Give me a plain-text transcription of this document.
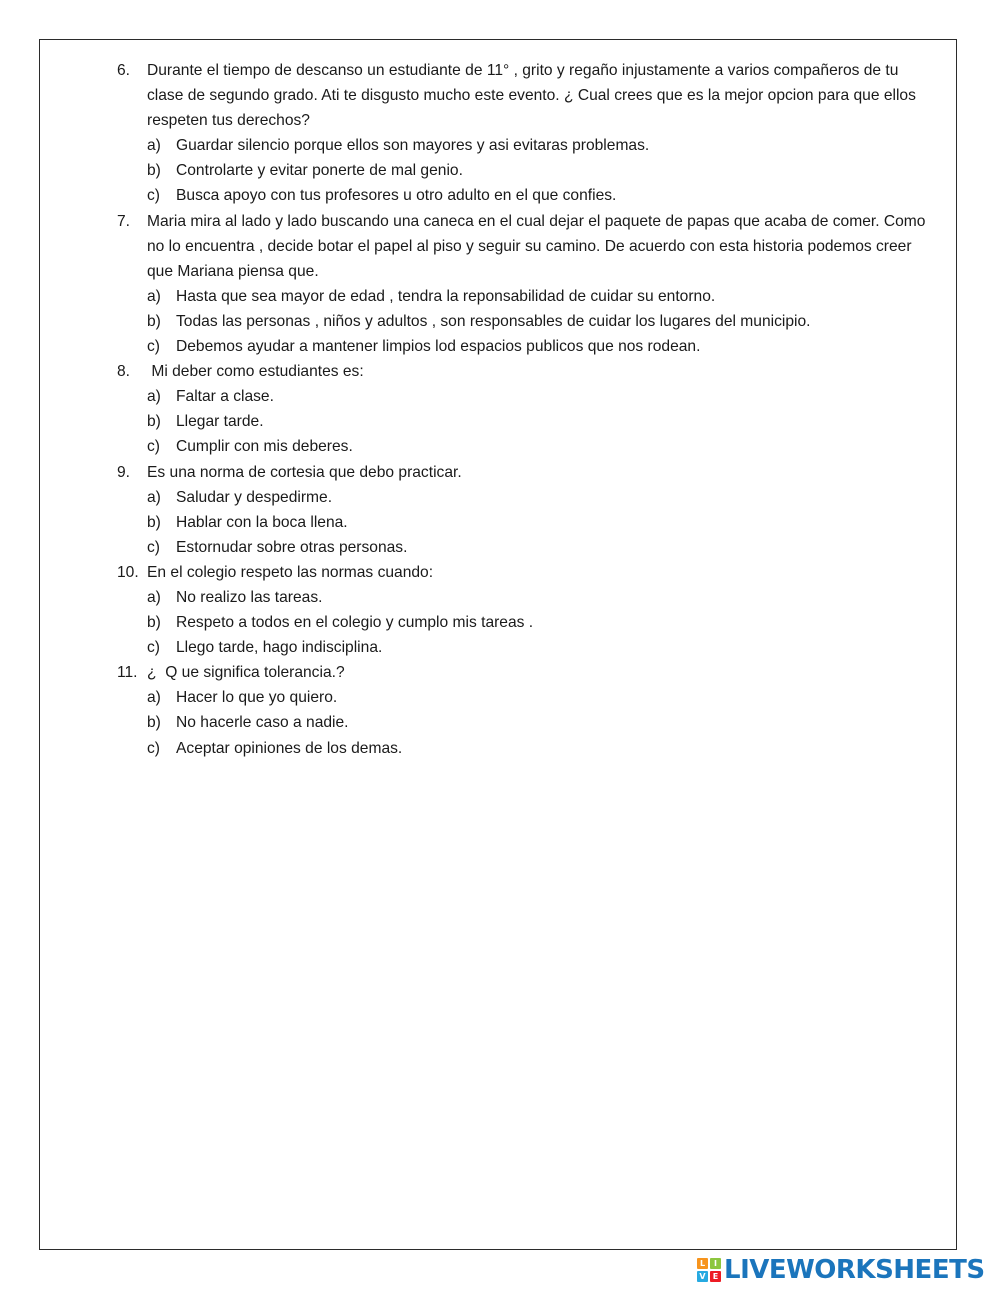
6.	Durante el tiempo de descanso un estudiante de 11° , grito y regaño injustamente a varios compañeros de tu clase de segundo grado. Ati te disgusto mucho este evento. ¿ Cual crees que es la mejor opcion para que ellos respeten tus derechos?
a) Guardar silencio porque ellos son mayores y asi evitaras problemas.
b) Controlarte y evitar ponerte de mal genio.
c)	Busca apoyo con tus profesores u otro adulto en el que confies.
7.	Maria mira al lado y lado buscando una caneca en el cual dejar el paquete de papas que acaba de comer. Como no lo encuentra , decide botar el papel al piso y seguir su camino. De acuerdo con esta historia podemos creer que Mariana piensa que.
a) Hasta que sea mayor de edad , tendra la reponsabilidad de cuidar su entorno.
b) Todas las personas , niños y adultos , son responsables de cuidar los lugares del municipio.
c)	Debemos ayudar a mantener limpios lod espacios publicos que nos rodean.
8.	Mi deber como estudiantes es:
a) Faltar a clase.
b) Llegar tarde.
c)	Cumplir con mis deberes.
9.	Es una norma de cortesia que debo practicar.
a) Saludar y despedirme.
b) Hablar con la boca llena.
c)	Estornudar sobre otras personas.
10. En el colegio respeto las normas cuando:
a) No realizo las tareas.
b) Respeto a todos en el colegio y cumplo mis tareas .
c)	Llego tarde, hago indisciplina.
11. ¿  Q ue significa tolerancia.?
a) Hacer lo que yo quiero.
b) No hacerle caso a nadie.
c)	Aceptar opiniones de los demas.
L	I
V E LIVEWORKSHEETS
